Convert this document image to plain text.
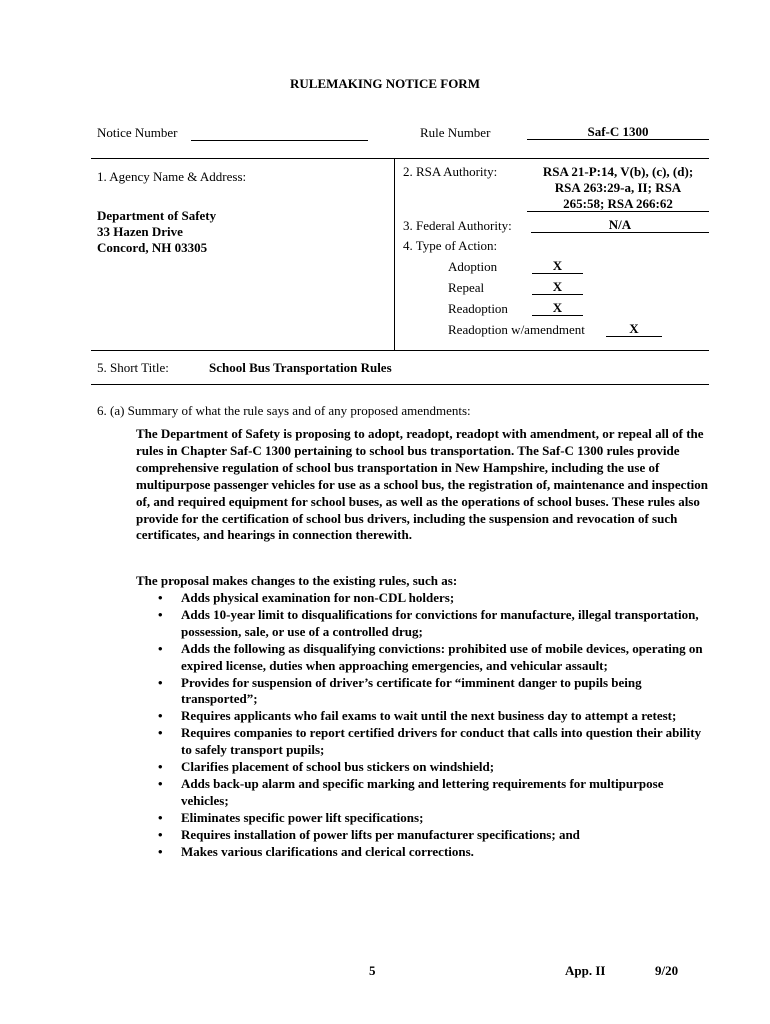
RULEMAKING NOTICE FORM
Notice Number	Rule Number	Saf-C 1300
1. Agency Name & Address:
Department of Safety
33 Hazen Drive
Concord, NH 03305
2. RSA Authority:	RSA 21-P:14, V(b), (c), (d);
RSA 263:29-a, II; RSA
265:58; RSA 266:62
3. Federal Authority:	N/A
4. Type of Action:
Adoption	X
Repeal	X
Readoption	X
Readoption w/amendment	X
5. Short Title:	School Bus Transportation Rules
6. (a) Summary of what the rule says and of any proposed amendments:
The Department of Safety is proposing to adopt, readopt, readopt with amendment, or repeal all of the rules in Chapter Saf-C 1300 pertaining to school bus transportation. The Saf-C 1300 rules provide comprehensive regulation of school bus transportation in New Hampshire, including the use of multipurpose passenger vehicles for use as a school bus, the registration of, maintenance and inspection of, and required equipment for school buses, as well as the operations of school buses. These rules also provide for the certification of school bus drivers, including the suspension and revocation of such certificates, and hearings in connection therewith.
The proposal makes changes to the existing rules, such as:
• Adds physical examination for non-CDL holders;
• Adds 10-year limit to disqualifications for convictions for manufacture, illegal transportation, possession, sale, or use of a controlled drug;
• Adds the following as disqualifying convictions: prohibited use of mobile devices, operating on expired license, duties when approaching emergencies, and vehicular assault;
• Provides for suspension of driver’s certificate for “imminent danger to pupils being transported”;
• Requires applicants who fail exams to wait until the next business day to attempt a retest;
• Requires companies to report certified drivers for conduct that calls into question their ability to safely transport pupils;
• Clarifies placement of school bus stickers on windshield;
• Adds back-up alarm and specific marking and lettering requirements for multipurpose vehicles;
• Eliminates specific power lift specifications;
• Requires installation of power lifts per manufacturer specifications; and
• Makes various clarifications and clerical corrections.
5	App. II	9/20
